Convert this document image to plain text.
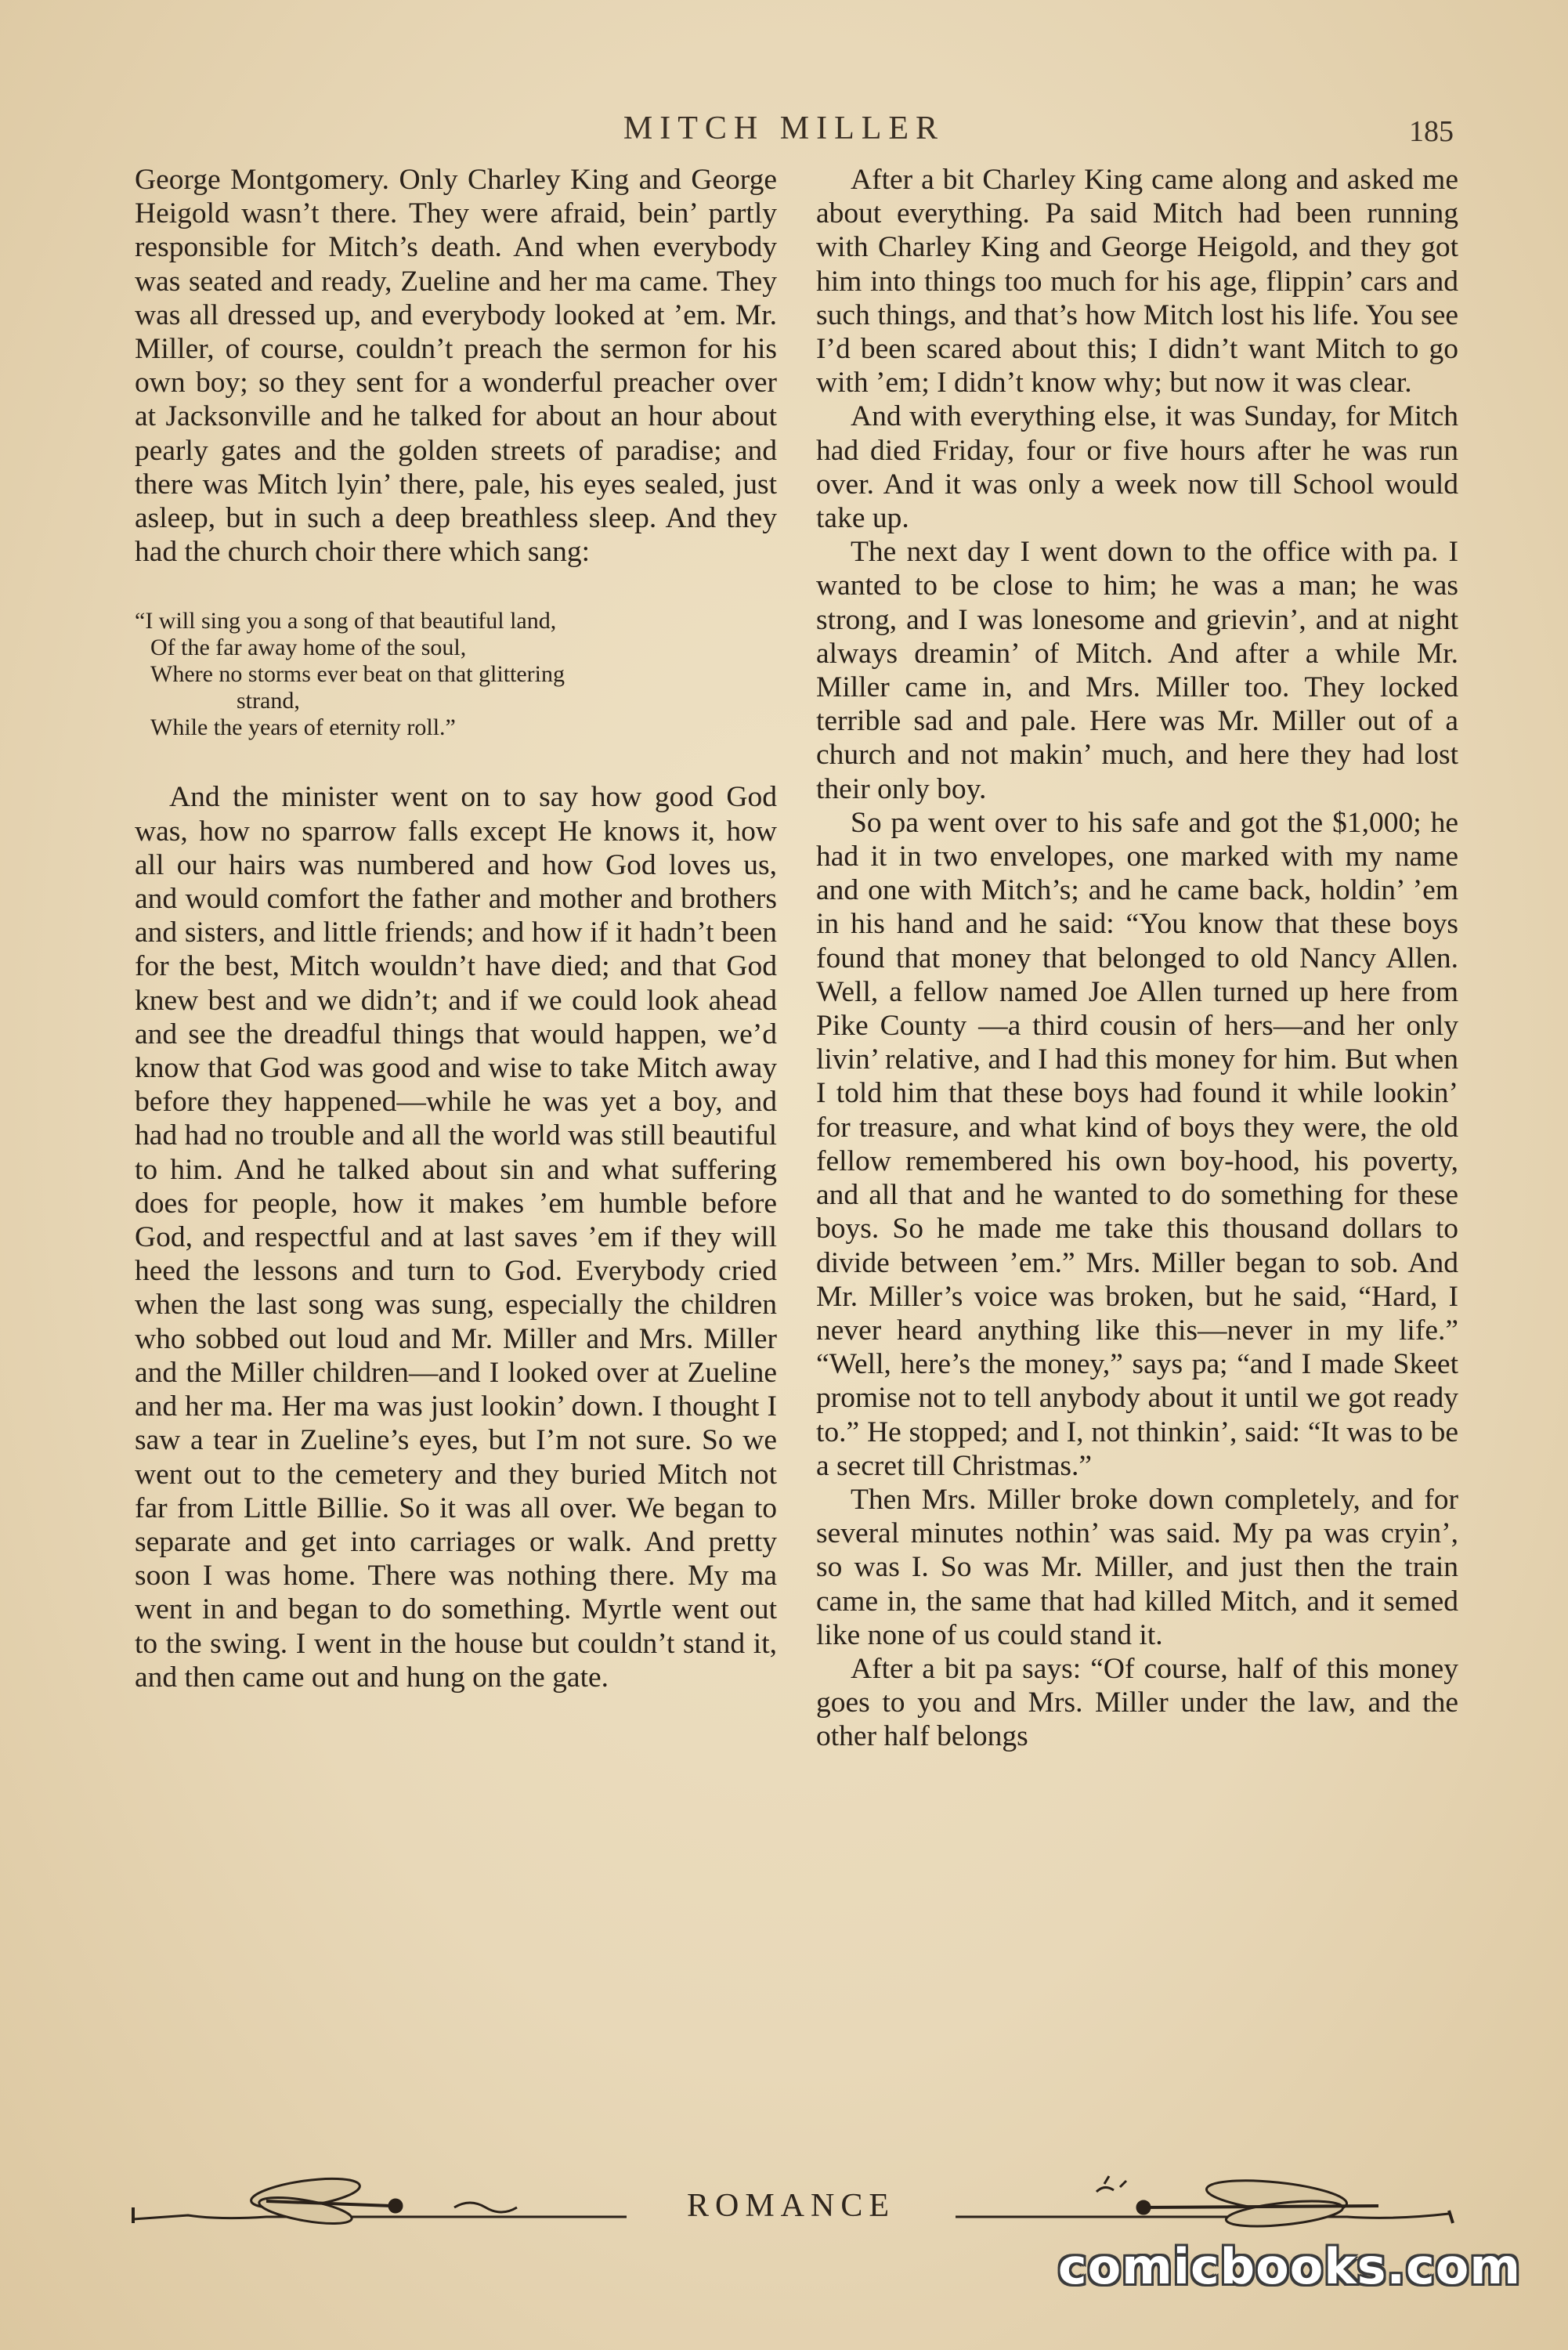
MITCH MILLER	185

George Montgomery. Only Charley King and George Heigold wasn’t there. They were afraid, bein’ partly responsible for Mitch’s death. And when everybody was seated and ready, Zueline and her ma came. They was all dressed up, and everybody looked at ’em. Mr. Miller, of course, couldn’t preach the sermon for his own boy; so they sent for a wonderful preacher over at Jacksonville and he talked for about an hour about pearly gates and the golden streets of paradise; and there was Mitch lyin’ there, pale, his eyes sealed, just asleep, but in such a deep breathless sleep. And they had the church choir there which sang:

“I will sing you a song of that beautiful land,
Of the far away home of the soul,
Where no storms ever beat on that glittering
strand,
While the years of eternity roll.”

And the minister went on to say how good God was, how no sparrow falls except He knows it, how all our hairs was numbered and how God loves us, and would comfort the father and mother and brothers and sisters, and little friends; and how if it hadn’t been for the best, Mitch wouldn’t have died; and that God knew best and we didn’t; and if we could look ahead and see the dreadful things that would happen, we’d know that God was good and wise to take Mitch away before they happened—while he was yet a boy, and had had no trouble and all the world was still beautiful to him. And he talked about sin and what suffering does for people, how it makes ’em humble before God, and respectful and at last saves ’em if they will heed the lessons and turn to God. Everybody cried when the last song was sung, especially the children who sobbed out loud and Mr. Miller and Mrs. Miller and the Miller children—and I looked over at Zueline and her ma. Her ma was just lookin’ down. I thought I saw a tear in Zueline’s eyes, but I’m not sure. So we went out to the cemetery and they buried Mitch not far from Little Billie. So it was all over. We began to separate and get into carriages or walk. And pretty soon I was home. There was nothing there. My ma went in and began to do something. Myrtle went out to the swing. I went in the house but couldn’t stand it, and then came out and hung on the gate.

After a bit Charley King came along and asked me about everything. Pa said Mitch had been running with Charley King and George Heigold, and they got him into things too much for his age, flippin’ cars and such things, and that’s how Mitch lost his life. You see I’d been scared about this; I didn’t want Mitch to go with ’em; I didn’t know why; but now it was clear.

And with everything else, it was Sunday, for Mitch had died Friday, four or five hours after he was run over. And it was only a week now till School would take up.

The next day I went down to the office with pa. I wanted to be close to him; he was a man; he was strong, and I was lonesome and grievin’, and at night always dreamin’ of Mitch. And after a while Mr. Miller came in, and Mrs. Miller too. They locked terrible sad and pale. Here was Mr. Miller out of a church and not makin’ much, and here they had lost their only boy.

So pa went over to his safe and got the $1,000; he had it in two envelopes, one marked with my name and one with Mitch’s; and he came back, holdin’ ’em in his hand and he said: “You know that these boys found that money that belonged to old Nancy Allen. Well, a fellow named Joe Allen turned up here from Pike County —a third cousin of hers—and her only livin’ relative, and I had this money for him. But when I told him that these boys had found it while lookin’ for treasure, and what kind of boys they were, the old fellow remembered his own boy-hood, his poverty, and all that and he wanted to do something for these boys. So he made me take this thousand dollars to divide between ’em.” Mrs. Miller began to sob. And Mr. Miller’s voice was broken, but he said, “Hard, I never heard anything like this—never in my life.” “Well, here’s the money,” says pa; “and I made Skeet promise not to tell anybody about it until we got ready to.” He stopped; and I, not thinkin’, said: “It was to be a secret till Christmas.”

Then Mrs. Miller broke down completely, and for several minutes nothin’ was said. My pa was cryin’, so was I. So was Mr. Miller, and just then the train came in, the same that had killed Mitch, and it semed like none of us could stand it.

After a bit pa says: “Of course, half of this money goes to you and Mrs. Miller under the law, and the other half belongs

ROMANCE
comicbooks.com
